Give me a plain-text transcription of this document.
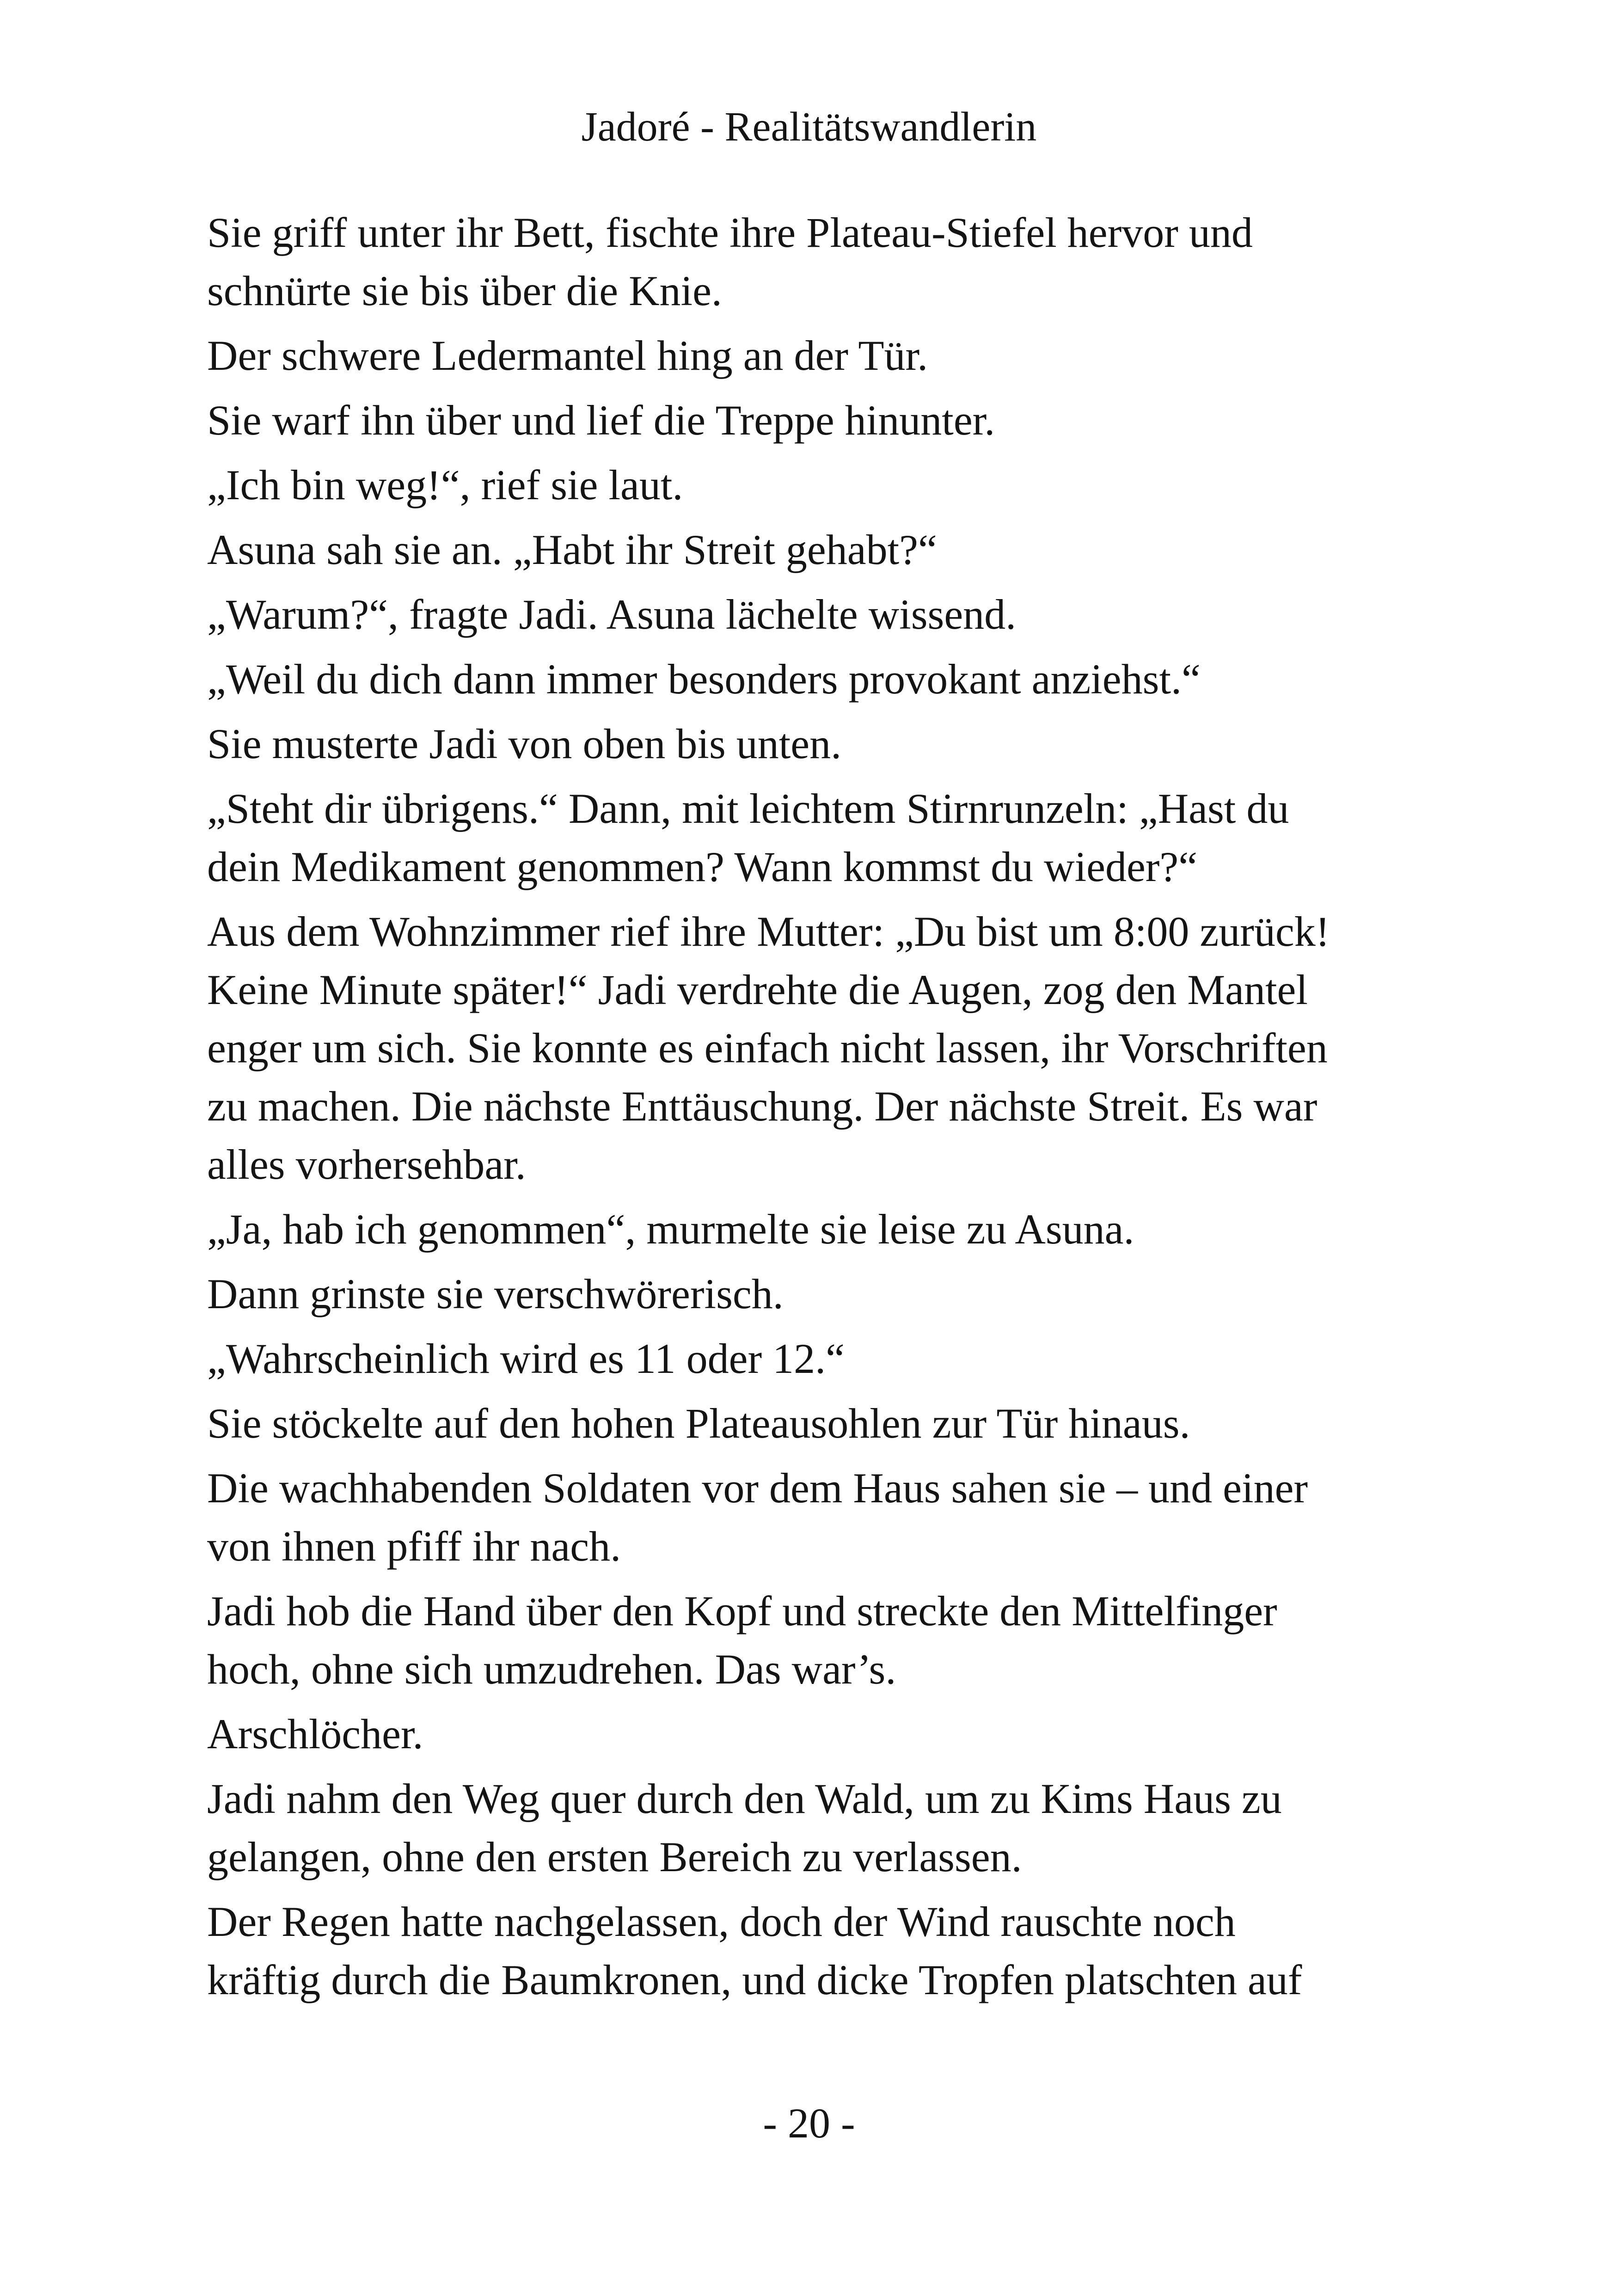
Jadoré - Realitätswandlerin

Sie griff unter ihr Bett, fischte ihre Plateau-Stiefel hervor und
schnürte sie bis über die Knie.

Der schwere Ledermantel hing an der Tür.

Sie warf ihn über und lief die Treppe hinunter.

„Ich bin weg!“, rief sie laut.

Asuna sah sie an. „Habt ihr Streit gehabt?“

„Warum?“, fragte Jadi. Asuna lächelte wissend.

„Weil du dich dann immer besonders provokant anziehst.“

Sie musterte Jadi von oben bis unten.

„Steht dir übrigens.“ Dann, mit leichtem Stirnrunzeln: „Hast du
dein Medikament genommen? Wann kommst du wieder?“

Aus dem Wohnzimmer rief ihre Mutter: „Du bist um 8:00 zurück!
Keine Minute später!“ Jadi verdrehte die Augen, zog den Mantel
enger um sich. Sie konnte es einfach nicht lassen, ihr Vorschriften
zu machen. Die nächste Enttäuschung. Der nächste Streit. Es war
alles vorhersehbar.

„Ja, hab ich genommen“, murmelte sie leise zu Asuna.

Dann grinste sie verschwörerisch.

„Wahrscheinlich wird es 11 oder 12.“

Sie stöckelte auf den hohen Plateausohlen zur Tür hinaus.

Die wachhabenden Soldaten vor dem Haus sahen sie – und einer
von ihnen pfiff ihr nach.

Jadi hob die Hand über den Kopf und streckte den Mittelfinger
hoch, ohne sich umzudrehen. Das war’s.

Arschlöcher.

Jadi nahm den Weg quer durch den Wald, um zu Kims Haus zu
gelangen, ohne den ersten Bereich zu verlassen.

Der Regen hatte nachgelassen, doch der Wind rauschte noch
kräftig durch die Baumkronen, und dicke Tropfen platschten auf

- 20 -
